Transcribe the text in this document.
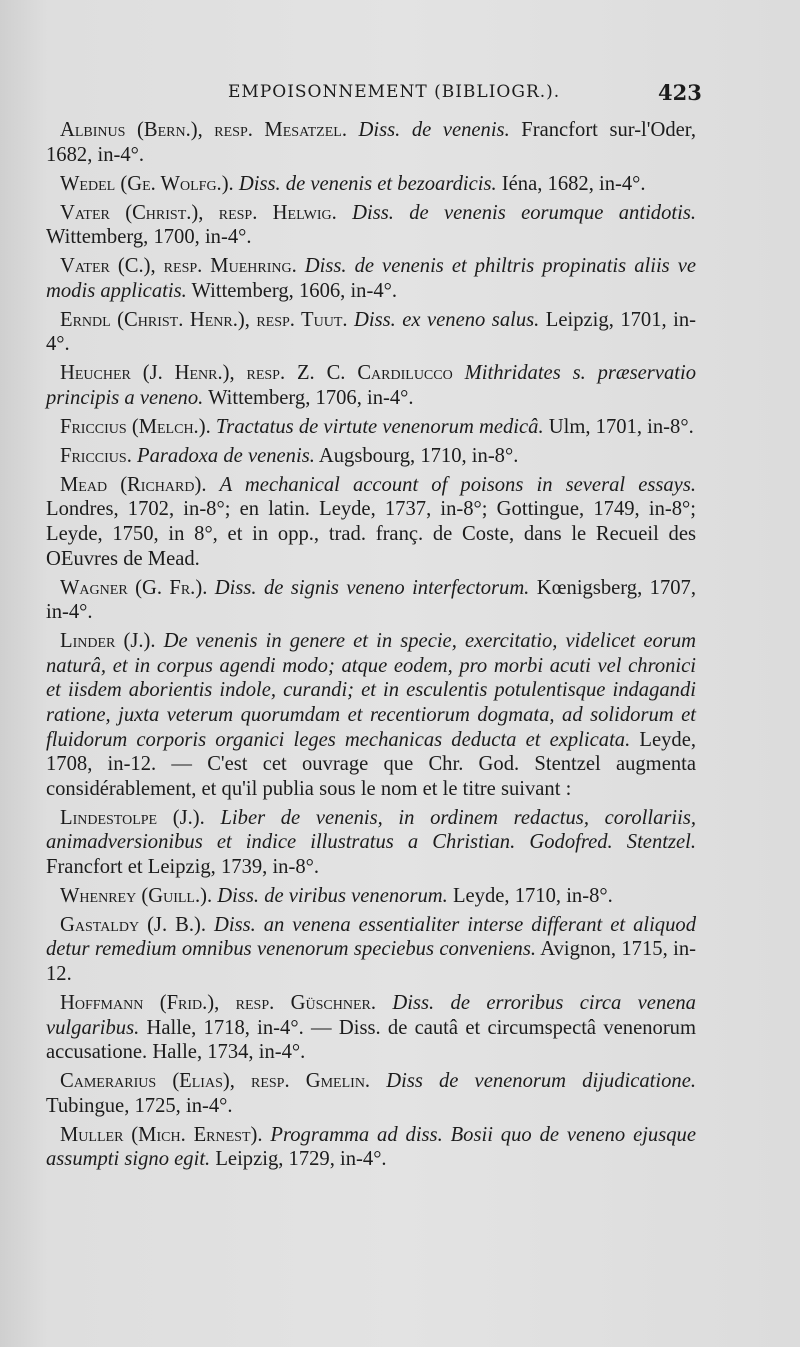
EMPOISONNEMENT (BIBLIOGR.).	423

Albinus (Bern.), resp. Mesatzel. Diss. de venenis. Francfort sur-l'Oder, 1682, in-4°.

Wedel (Ge. Wolfg.). Diss. de venenis et bezoardicis. Iéna, 1682, in-4°.

Vater (Christ.), resp. Helwig. Diss. de venenis eorumque antidotis. Wittemberg, 1700, in-4°.

Vater (C.), resp. Muehring. Diss. de venenis et philtris propinatis aliis ve modis applicatis. Wittemberg, 1606, in-4°.

Erndl (Christ. Henr.), resp. Tuut. Diss. ex veneno salus. Leipzig, 1701, in-4°.

Heucher (J. Henr.), resp. Z. C. Cardilucco Mithridates s. præservatio principis a veneno. Wittemberg, 1706, in-4°.

Friccius (Melch.). Tractatus de virtute venenorum medicâ. Ulm, 1701, in-8°.

Friccius. Paradoxa de venenis. Augsbourg, 1710, in-8°.

Mead (Richard). A mechanical account of poisons in several essays. Londres, 1702, in-8°; en latin. Leyde, 1737, in-8°; Gottingue, 1749, in-8°; Leyde, 1750, in 8°, et in opp., trad. franç. de Coste, dans le Recueil des OEuvres de Mead.

Wagner (G. Fr.). Diss. de signis veneno interfectorum. Kœnigsberg, 1707, in-4°.

Linder (J.). De venenis in genere et in specie, exercitatio, videlicet eorum naturâ, et in corpus agendi modo; atque eodem, pro morbi acuti vel chronici et iisdem aborientis indole, curandi; et in esculentis potulentisque indagandi ratione, juxta veterum quorumdam et recentiorum dogmata, ad solidorum et fluidorum corporis organici leges mechanicas deducta et explicata. Leyde, 1708, in-12. — C'est cet ouvrage que Chr. God. Stentzel augmenta considérablement, et qu'il publia sous le nom et le titre suivant :

Lindestolpe (J.). Liber de venenis, in ordinem redactus, corollariis, animadversionibus et indice illustratus a Christian. Godofred. Stentzel. Francfort et Leipzig, 1739, in-8°.

Whenrey (Guill.). Diss. de viribus venenorum. Leyde, 1710, in-8°.

Gastaldy (J. B.). Diss. an venena essentialiter interse differant et aliquod detur remedium omnibus venenorum speciebus conveniens. Avignon, 1715, in-12.

Hoffmann (Frid.), resp. Güschner. Diss. de erroribus circa venena vulgaribus. Halle, 1718, in-4°. — Diss. de cautâ et circumspectâ venenorum accusatione. Halle, 1734, in-4°.

Camerarius (Elias), resp. Gmelin. Diss de venenorum dijudicatione. Tubingue, 1725, in-4°.

Muller (Mich. Ernest). Programma ad diss. Bosii quo de veneno ejusque assumpti signo egit. Leipzig, 1729, in-4°.
